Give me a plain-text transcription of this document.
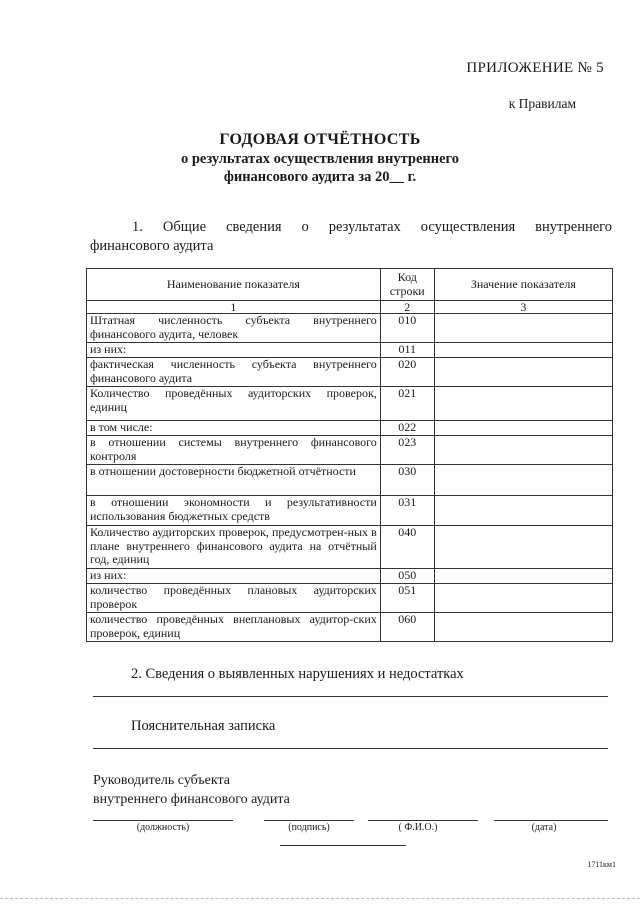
ПРИЛОЖЕНИЕ № 5
к Правилам
ГОДОВАЯ ОТЧЁТНОСТЬ
о результатах осуществления внутреннего
финансового аудита за 20__ г.
1. Общие сведения о результатах осуществления внутреннего
финансового аудита
Наименование показателя	Код строки	Значение показателя
1	2	3
Штатная численность субъекта внутреннего финансового аудита, человек	010	
из них:	011	
фактическая численность субъекта внутреннего финансового аудита	020	
Количество проведённых аудиторских проверок, единиц	021	
в том числе:	022	
в отношении системы внутреннего финансового контроля	023	
в отношении достоверности бюджетной отчётности	030	
в отношении экономности и результативности использования бюджетных средств	031	
Количество аудиторских проверок, предусмотрен-ных в плане внутреннего финансового аудита на отчётный год, единиц	040	
из них:	050	
количество проведённых плановых аудиторских проверок	051	
количество проведённых внеплановых аудитор-ских проверок, единиц	060	
2. Сведения о выявленных нарушениях и недостатках
Пояснительная записка
Руководитель субъекта
внутреннего финансового аудита
(должность)	(подпись)	( Ф.И.О.)	(дата)
1711км1
